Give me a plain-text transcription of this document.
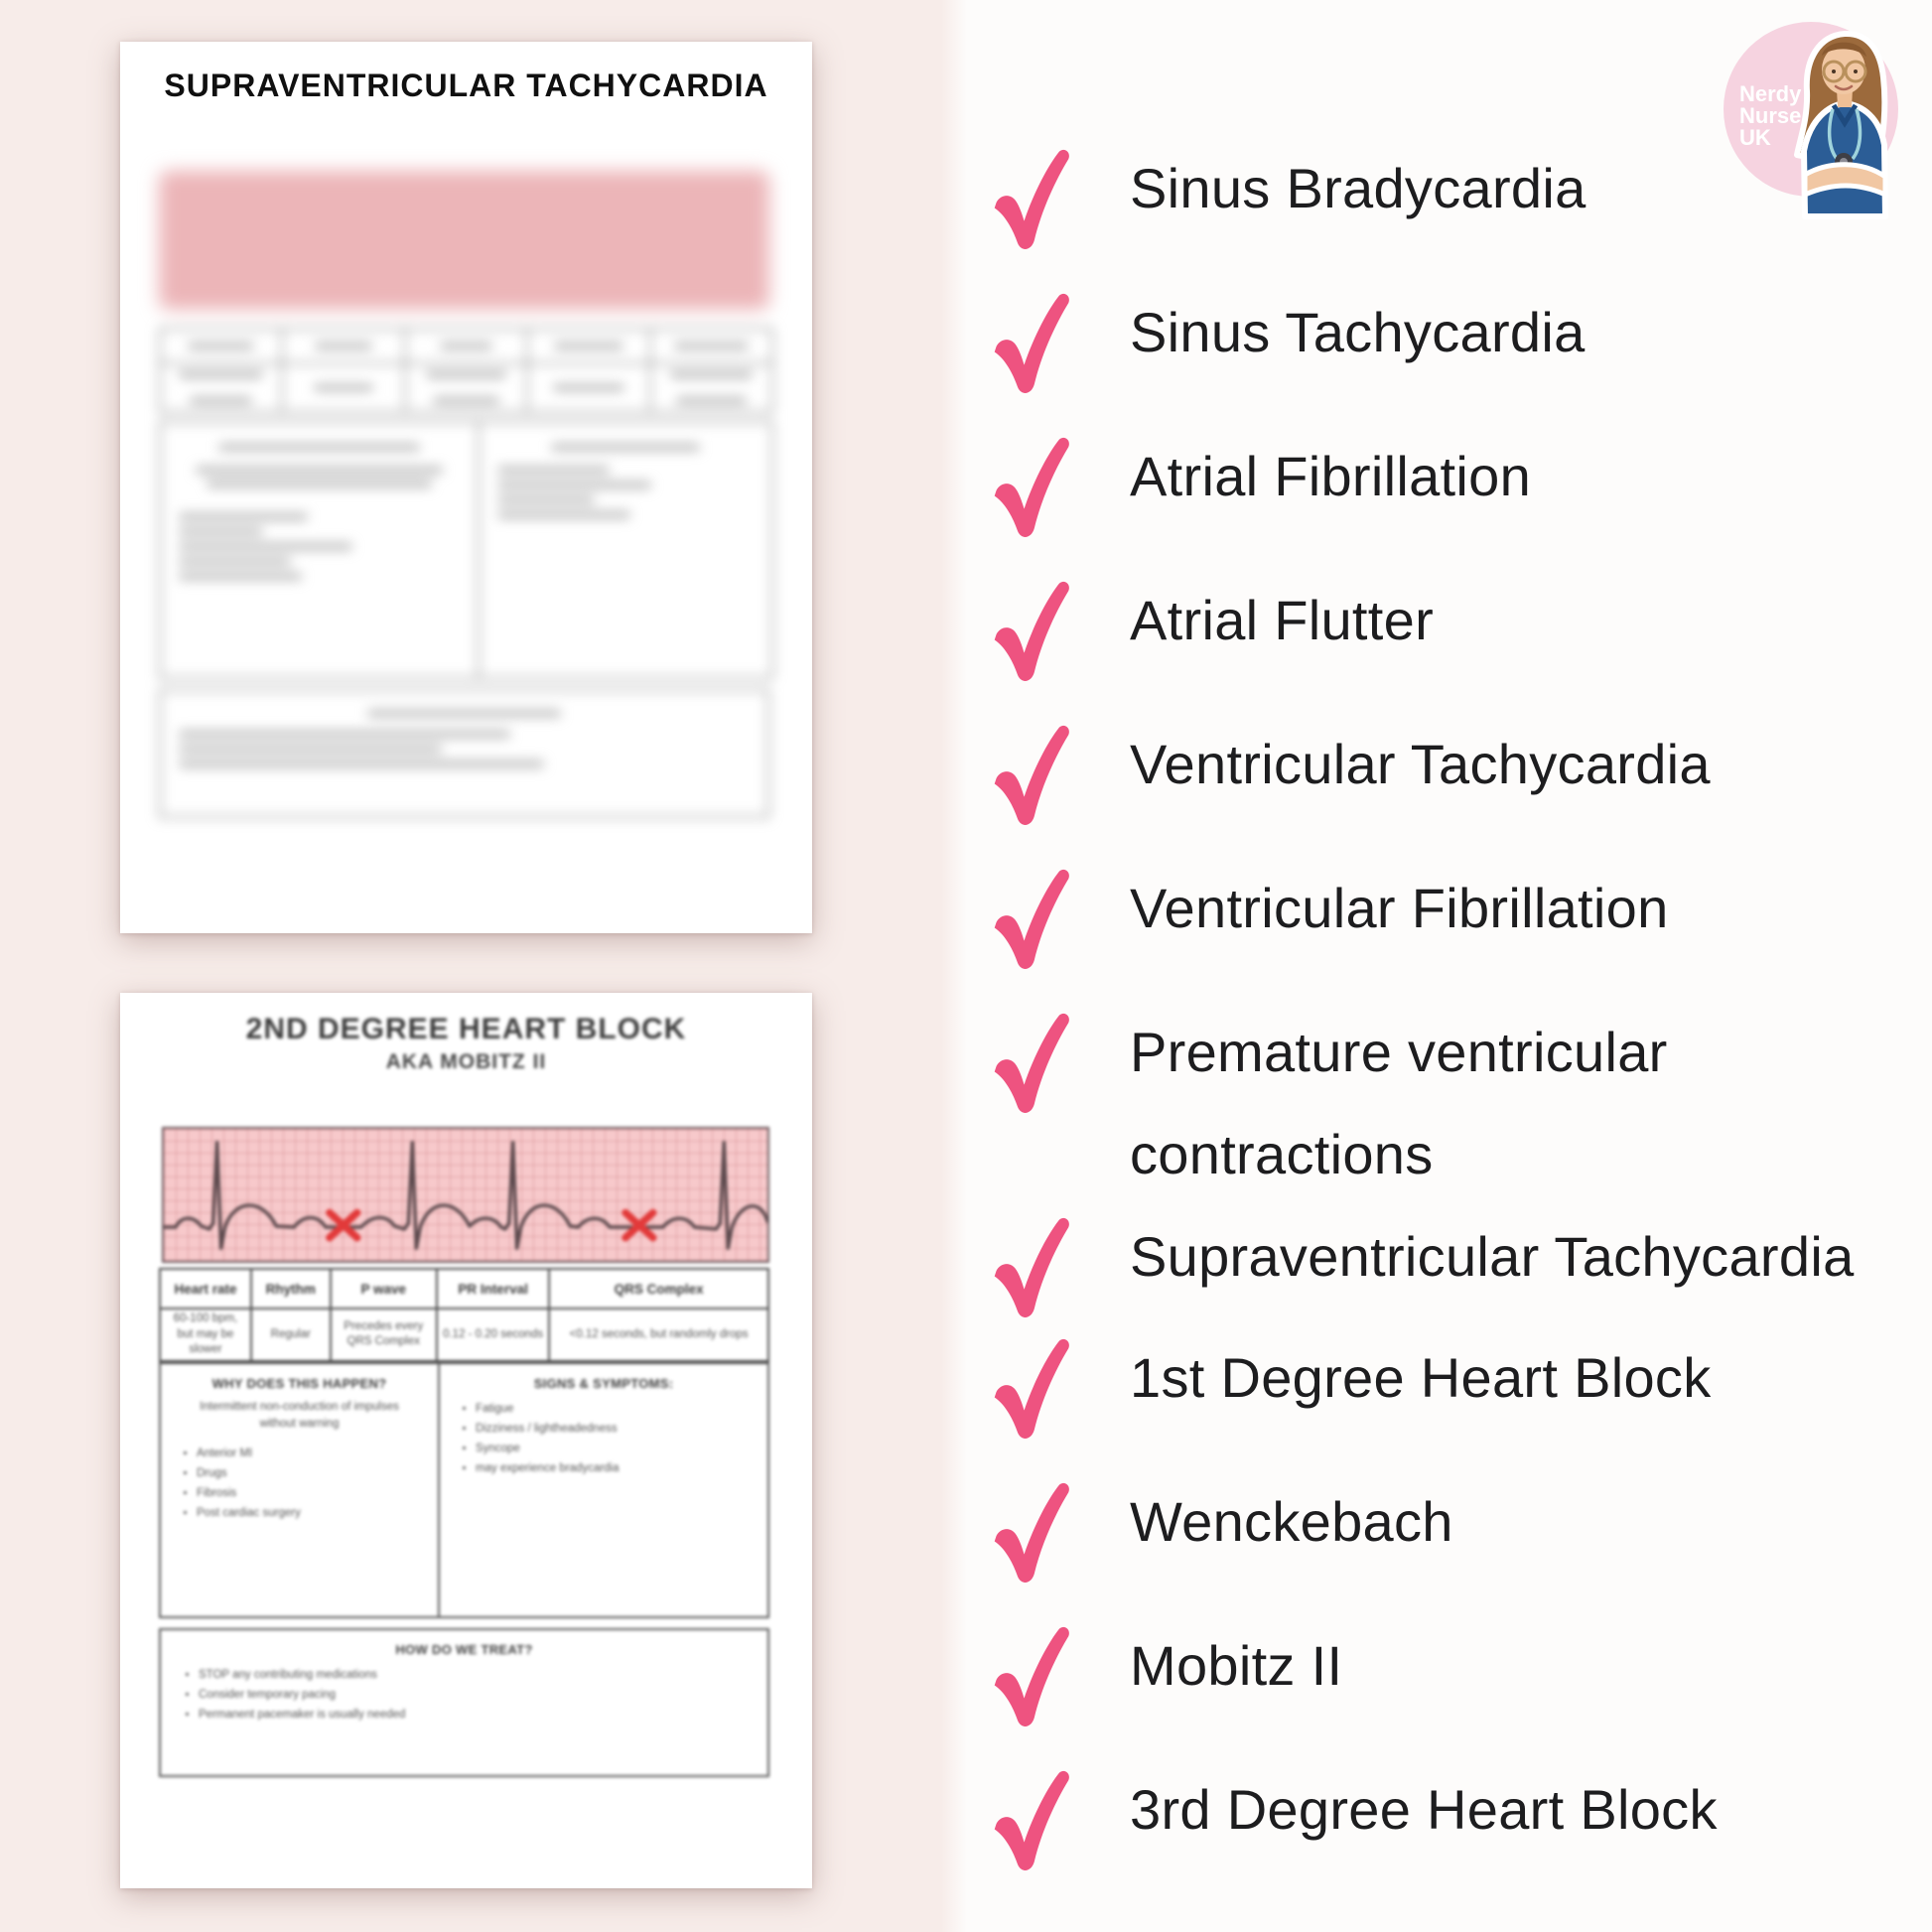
SUPRAVENTRICULAR TACHYCARDIA
2ND DEGREE HEART BLOCK
AKA MOBITZ II
Heart rate	Rhythm	P wave	PR Interval	QRS Complex
60-100 bpm, but may be slower	Regular	Precedes every QRS Complex	0.12 - 0.20 seconds	<0.12 seconds, but randomly drops
WHY DOES THIS HAPPEN?
Intermittent non-conduction of impulses without warning
• Anterior MI
• Drugs
• Fibrosis
• Post cardiac surgery
SIGNS & SYMPTOMS:
• Fatigue
• Dizziness / lightheadedness
• Syncope
• may experience bradycardia
HOW DO WE TREAT?
• STOP any contributing medications
• Consider temporary pacing
• Permanent pacemaker is usually needed
Sinus Bradycardia
Sinus Tachycardia
Atrial Fibrillation
Atrial Flutter
Ventricular Tachycardia
Ventricular Fibrillation
Premature ventricular contractions
Supraventricular Tachycardia
1st Degree Heart Block
Wenckebach
Mobitz II
3rd Degree Heart Block
Nerdy
Nurse
UK
